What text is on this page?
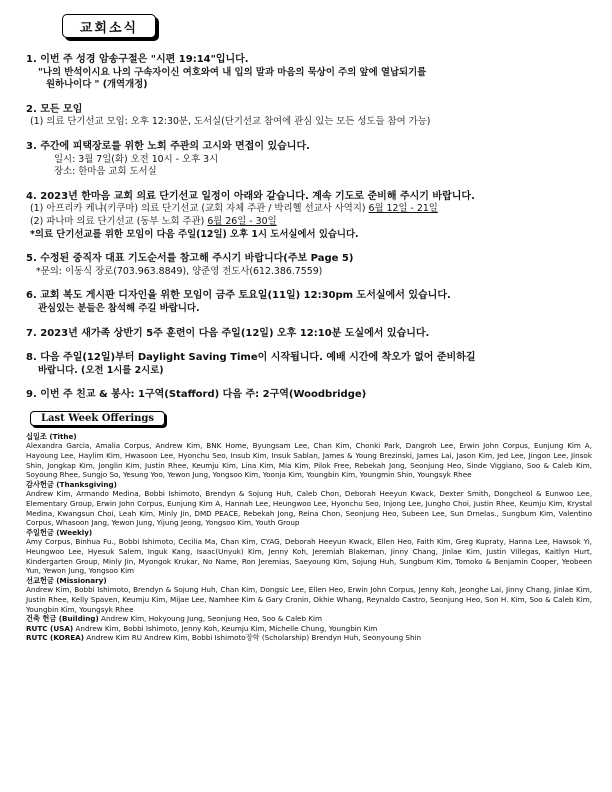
교회소식
1. 이번 주 성경 암송구절은 "시편 19:14"입니다.
"나의 반석이시요 나의 구속자이신 여호와여 내 입의 말과 마음의 묵상이 주의 앞에 열납되기를
원하나이다 " (개역개정)
2. 모든 모임
(1) 의료 단기선교 모임: 오후 12:30분, 도서실(단기선교 참여에 관심 있는 모든 성도들 참여 가능)
3. 주간에 피택장로를 위한 노회 주관의 고시와 면접이 있습니다.
일시: 3월 7일(화) 오전 10시 - 오후 3시
장소: 한마음 교회 도서실
4. 2023년 한마음 교회 의료 단기선교 일정이 아래와 같습니다. 계속 기도로 준비해 주시기 바랍니다.
(1) 아프리카 케냐(키쿠마) 의료 단기선교 (교회 자체 주관 / 박리헬 선교사 사역지) 6월 12일 - 21일
(2) 파나마 의료 단기선교 (동부 노회 주관) 6월 26일 - 30일
*의료 단기선교를 위한 모임이 다음 주일(12일) 오후 1시 도서실에서 있습니다.
5. 수정된 중직자 대표 기도순서를 참고해 주시기 바랍니다(주보 Page 5)
*문의: 이동식 장로(703.963.8849), 양준영 전도사(612.386.7559)
6. 교회 복도 게시판 디자인을 위한 모임이 금주 토요일(11일) 12:30pm 도서실에서 있습니다.
관심있는 분들은 참석해 주길 바랍니다.
7. 2023년 새가족 상반기 5주 훈련이 다음 주일(12일) 오후 12:10분 도실에서 있습니다.
8. 다음 주일(12일)부터 Daylight Saving Time이 시작됩니다. 예배 시간에 착오가 없어 준비하길
바랍니다. (오전 1시를 2시로)
9. 이번 주 친교 & 봉사: 1구역(Stafford) 다음 주: 2구역(Woodbridge)
Last Week Offerings
십일조 (Tithe)
Alexandra Garcia, Amalia Corpus, Andrew Kim, BNK Home, Byungsam Lee, Chan Kim, Chonki Park, Dangroh Lee, Erwin John Corpus, Eunjung Kim A, Hayoung Lee, Haylim Kim, Hwasoon Lee, Hyonchu Seo, Insub Kim, Insuk Sablan, James & Young Brezinski, James Lai, Jason Kim, Jed Lee, Jingon Lee, Jinsok Shin, Jongkap Kim, Jonglin Kim, Justin Rhee, Keumju Kim, Lina Kim, Mia Kim, Pilok Free, Rebekah Jong, Seonjung Heo, Sinde Viggiano, Soo & Caleb Kim, Soyoung Rhee, Sungjo So, Yesung Yoo, Yewon Jung, Yongsoo Kim, Yoonja Kim, Youngbin Kim, Youngmin Shin, Youngsyk Rhee
감사헌금 (Thanksgiving)
Andrew Kim, Armando Medina, Bobbi Ishimoto, Brendyn & Sojung Huh, Caleb Chon, Deborah Heeyun Kwack, Dexter Smith, Dongcheol & Eunwoo Lee, Elementary Group, Erwin John Corpus, Eunjung Kim A, Hannah Lee, Heungwoo Lee, Hyonchu Seo, Injong Lee, Jungho Choi, Justin Rhee, Keumju Kim, Krystal Medina, Kwangsun Choi, Leah Kim, Minly Jin, DMD PEACE, Rebekah Jong, Reina Chon, Seonjung Heo, Subeen Lee, Sun Drnelas., Sungbum Kim, Valentino Corpus, Whasoon Jang, Yewon Jung, Yijung Jeong, Yongsoo Kim, Youth Group
주일헌금 (Weekly)
Amy Corpus, Binhua Fu., Bobbi Ishimoto, Cecilia Ma, Chan Kim, CYAG, Deborah Heeyun Kwack, Ellen Heo, Faith Kim, Greg Kupraty, Hanna Lee, Hawsok Yi, Heungwoo Lee, Hyesuk Salem, Inguk Kang, Isaac(Unyuk) Kim, Jenny Koh, Jeremiah Blakeman, Jinny Chang, Jinlae Kim, Justin Villegas, Kaitlyn Hurt, Kindergarten Group, Minly Jin, Myongok Krukar, No Name, Ron Jeremias, Saeyoung Kim, Sojung Huh, Sungbum Kim, Tomoko & Benjamin Cooper, Yeobeen Yun, Yewon Jung, Yongsoo Kim
선교헌금 (Missionary)
Andrew Kim, Bobbi Ishimoto, Brendyn & Sojung Huh, Chan Kim, Dongsic Lee, Ellen Heo, Erwin John Corpus, Jenny Koh, Jeonghe Lai, Jinny Chang, Jinlae Kim, Justin Rhee, Kelly Spaven, Keumju Kim, Mijae Lee, Namhee Kim & Gary Cronin, Okhie Whang, Reynaldo Castro, Seonjung Heo, Son H. Kim, Soo & Caleb Kim, Youngbin Kim, Youngsyk Rhee
건축 헌금 (Building) Andrew Kim, Hokyoung Jung, Seonjung Heo, Soo & Caleb Kim
RUTC (USA) Andrew Kim, Bobbi Ishimoto, Jenny Koh, Keumju Kim, Michelle Chung, Youngbin Kim
RUTC (KOREA) Andrew Kim RU Andrew Kim, Bobbi Ishimoto장학 (Scholarship) Brendyn Huh, Seonyoung Shin
